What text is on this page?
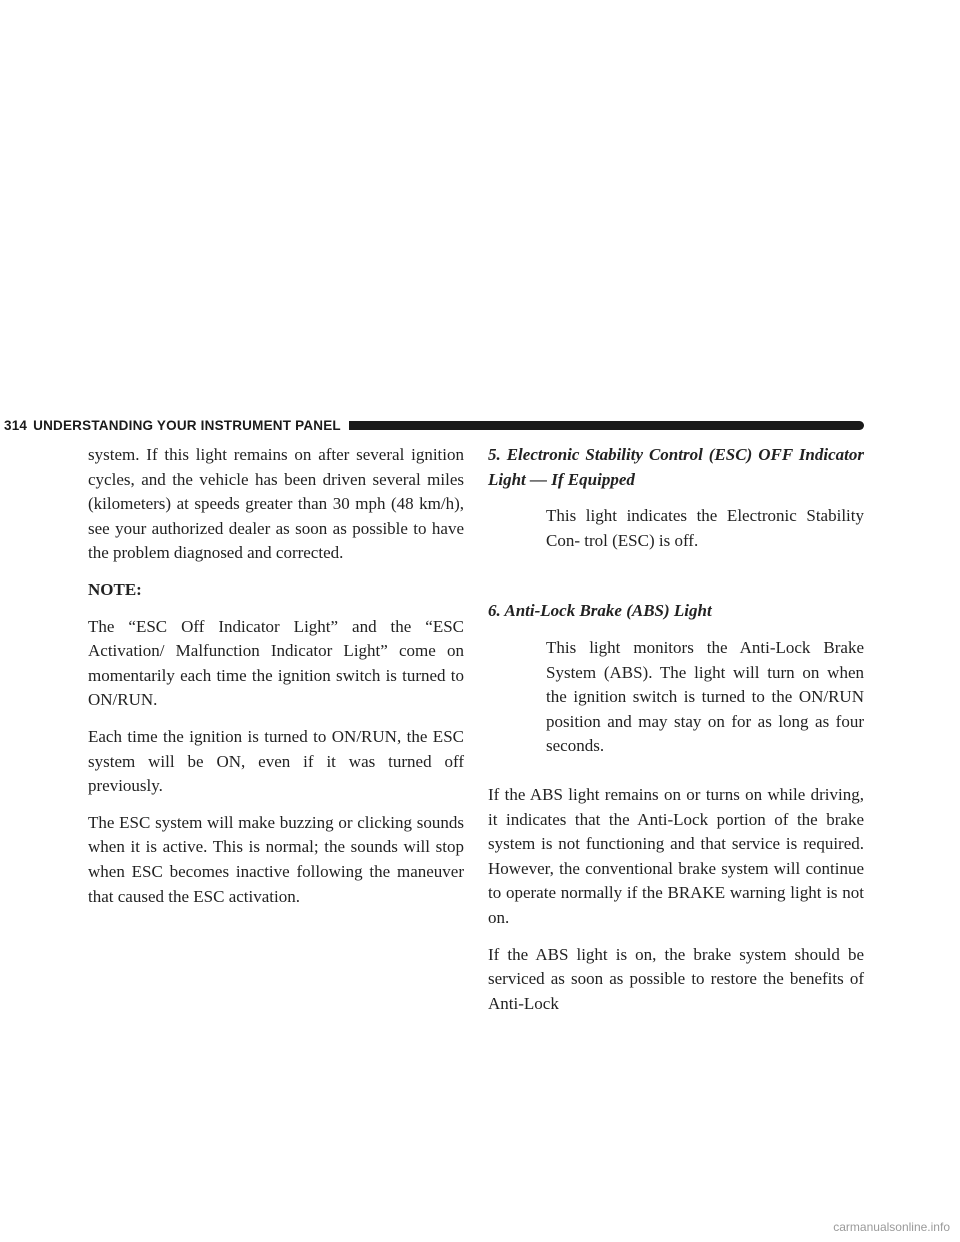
314 UNDERSTANDING YOUR INSTRUMENT PANEL

system. If this light remains on after several ignition cycles, and the vehicle has been driven several miles (kilometers) at speeds greater than 30 mph (48 km/h), see your authorized dealer as soon as possible to have the problem diagnosed and corrected.

NOTE:

The “ESC Off Indicator Light” and the “ESC Activation/ Malfunction Indicator Light” come on momentarily each time the ignition switch is turned to ON/RUN.

Each time the ignition is turned to ON/RUN, the ESC system will be ON, even if it was turned off previously.

The ESC system will make buzzing or clicking sounds when it is active. This is normal; the sounds will stop when ESC becomes inactive following the maneuver that caused the ESC activation.

5. Electronic Stability Control (ESC) OFF Indicator Light — If Equipped

This light indicates the Electronic Stability Con- trol (ESC) is off.

6. Anti-Lock Brake (ABS) Light

This light monitors the Anti-Lock Brake System (ABS). The light will turn on when the ignition switch is turned to the ON/RUN position and may stay on for as long as four seconds.

If the ABS light remains on or turns on while driving, it indicates that the Anti-Lock portion of the brake system is not functioning and that service is required. However, the conventional brake system will continue to operate normally if the BRAKE warning light is not on.

If the ABS light is on, the brake system should be serviced as soon as possible to restore the benefits of Anti-Lock

carmanualsonline.info
